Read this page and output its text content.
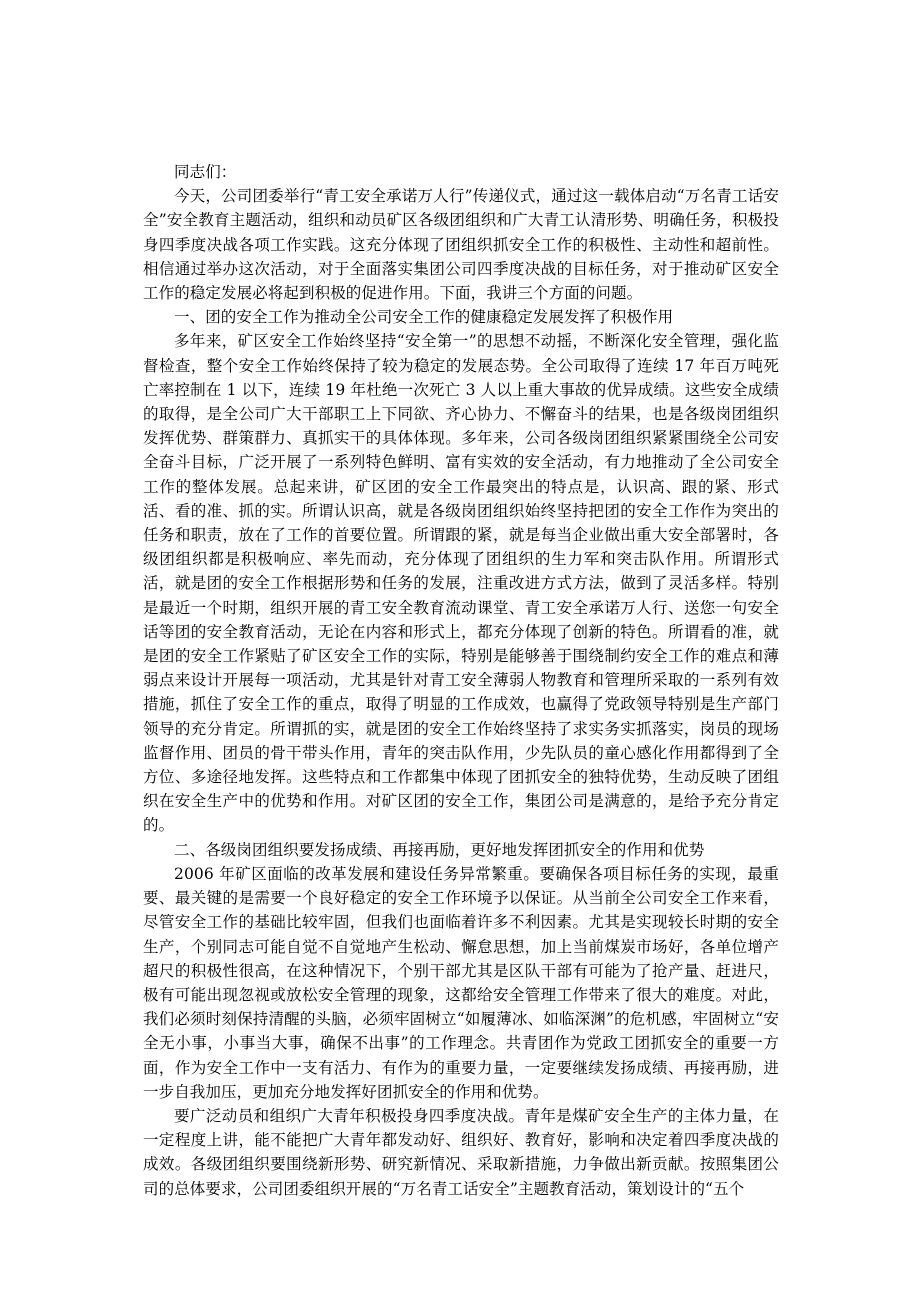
同志们：

今天，公司团委举行“青工安全承诺万人行”传递仪式，通过这一载体启动“万名青工话安全”安全教育主题活动，组织和动员矿区各级团组织和广大青工认清形势、明确任务，积极投身四季度决战各项工作实践。这充分体现了团组织抓安全工作的积极性、主动性和超前性。相信通过举办这次活动，对于全面落实集团公司四季度决战的目标任务，对于推动矿区安全工作的稳定发展必将起到积极的促进作用。下面，我讲三个方面的问题。

一、团的安全工作为推动全公司安全工作的健康稳定发展发挥了积极作用

多年来，矿区安全工作始终坚持“安全第一”的思想不动摇，不断深化安全管理，强化监督检查，整个安全工作始终保持了较为稳定的发展态势。全公司取得了连续 17 年百万吨死亡率控制在 1 以下，连续 19 年杜绝一次死亡 3 人以上重大事故的优异成绩。这些安全成绩的取得，是全公司广大干部职工上下同欲、齐心协力、不懈奋斗的结果，也是各级岗团组织发挥优势、群策群力、真抓实干的具体体现。多年来，公司各级岗团组织紧紧围绕全公司安全奋斗目标，广泛开展了一系列特色鲜明、富有实效的安全活动，有力地推动了全公司安全工作的整体发展。总起来讲，矿区团的安全工作最突出的特点是，认识高、跟的紧、形式活、看的准、抓的实。所谓认识高，就是各级岗团组织始终坚持把团的安全工作作为突出的任务和职责，放在了工作的首要位置。所谓跟的紧，就是每当企业做出重大安全部署时，各级团组织都是积极响应、率先而动，充分体现了团组织的生力军和突击队作用。所谓形式活，就是团的安全工作根据形势和任务的发展，注重改进方式方法，做到了灵活多样。特别是最近一个时期，组织开展的青工安全教育流动课堂、青工安全承诺万人行、送您一句安全话等团的安全教育活动，无论在内容和形式上，都充分体现了创新的特色。所谓看的准，就是团的安全工作紧贴了矿区安全工作的实际，特别是能够善于围绕制约安全工作的难点和薄弱点来设计开展每一项活动，尤其是针对青工安全薄弱人物教育和管理所采取的一系列有效措施，抓住了安全工作的重点，取得了明显的工作成效，也赢得了党政领导特别是生产部门领导的充分肯定。所谓抓的实，就是团的安全工作始终坚持了求实务实抓落实，岗员的现场监督作用、团员的骨干带头作用，青年的突击队作用，少先队员的童心感化作用都得到了全方位、多途径地发挥。这些特点和工作都集中体现了团抓安全的独特优势，生动反映了团组织在安全生产中的优势和作用。对矿区团的安全工作，集团公司是满意的，是给予充分肯定的。

二、各级岗团组织要发扬成绩、再接再励，更好地发挥团抓安全的作用和优势

2006 年矿区面临的改革发展和建设任务异常繁重。要确保各项目标任务的实现，最重要、最关键的是需要一个良好稳定的安全工作环境予以保证。从当前全公司安全工作来看，尽管安全工作的基础比较牢固，但我们也面临着许多不利因素。尤其是实现较长时期的安全生产，个别同志可能自觉不自觉地产生松动、懈怠思想，加上当前煤炭市场好，各单位增产超尺的积极性很高，在这种情况下，个别干部尤其是区队干部有可能为了抢产量、赶进尺，极有可能出现忽视或放松安全管理的现象，这都给安全管理工作带来了很大的难度。对此，我们必须时刻保持清醒的头脑，必须牢固树立“如履薄冰、如临深渊”的危机感，牢固树立“安全无小事，小事当大事，确保不出事”的工作理念。共青团作为党政工团抓安全的重要一方面，作为安全工作中一支有活力、有作为的重要力量，一定要继续发扬成绩、再接再励，进一步自我加压，更加充分地发挥好团抓安全的作用和优势。

要广泛动员和组织广大青年积极投身四季度决战。青年是煤矿安全生产的主体力量，在一定程度上讲，能不能把广大青年都发动好、组织好、教育好，影响和决定着四季度决战的成效。各级团组织要围绕新形势、研究新情况、采取新措施，力争做出新贡献。按照集团公司的总体要求，公司团委组织开展的“万名青工话安全”主题教育活动，策划设计的“五个
